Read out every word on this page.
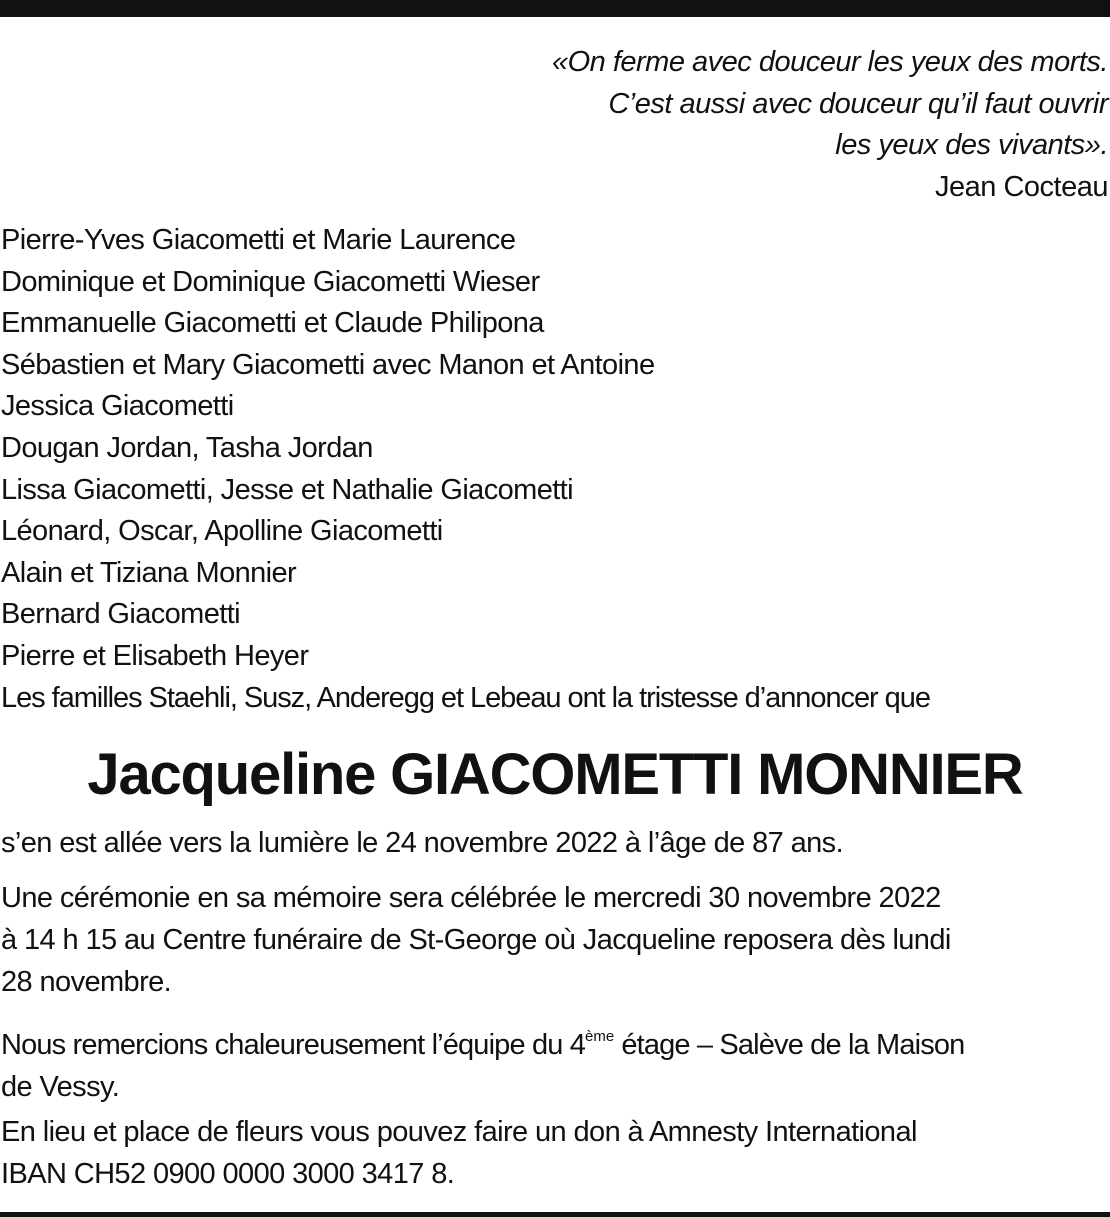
«On ferme avec douceur les yeux des morts.
C’est aussi avec douceur qu’il faut ouvrir
les yeux des vivants».
Jean Cocteau
Pierre-Yves Giacometti et Marie Laurence
Dominique et Dominique Giacometti Wieser
Emmanuelle Giacometti et Claude Philipona
Sébastien et Mary Giacometti avec Manon et Antoine
Jessica Giacometti
Dougan Jordan, Tasha Jordan
Lissa Giacometti, Jesse et Nathalie Giacometti
Léonard, Oscar, Apolline Giacometti
Alain et Tiziana Monnier
Bernard Giacometti
Pierre et Elisabeth Heyer
Les familles Staehli, Susz, Anderegg et Lebeau ont la tristesse d’annoncer que
Jacqueline GIACOMETTI MONNIER

s’en est allée vers la lumière le 24 novembre 2022 à l’âge de 87 ans.

Une cérémonie en sa mémoire sera célébrée le mercredi 30 novembre 2022
à 14 h 15 au Centre funéraire de St-George où Jacqueline reposera dès lundi
28 novembre.

Nous remercions chaleureusement l’équipe du 4ème étage – Salève de la Maison
de Vessy.

En lieu et place de fleurs vous pouvez faire un don à Amnesty International
IBAN CH52 0900 0000 3000 3417 8.
